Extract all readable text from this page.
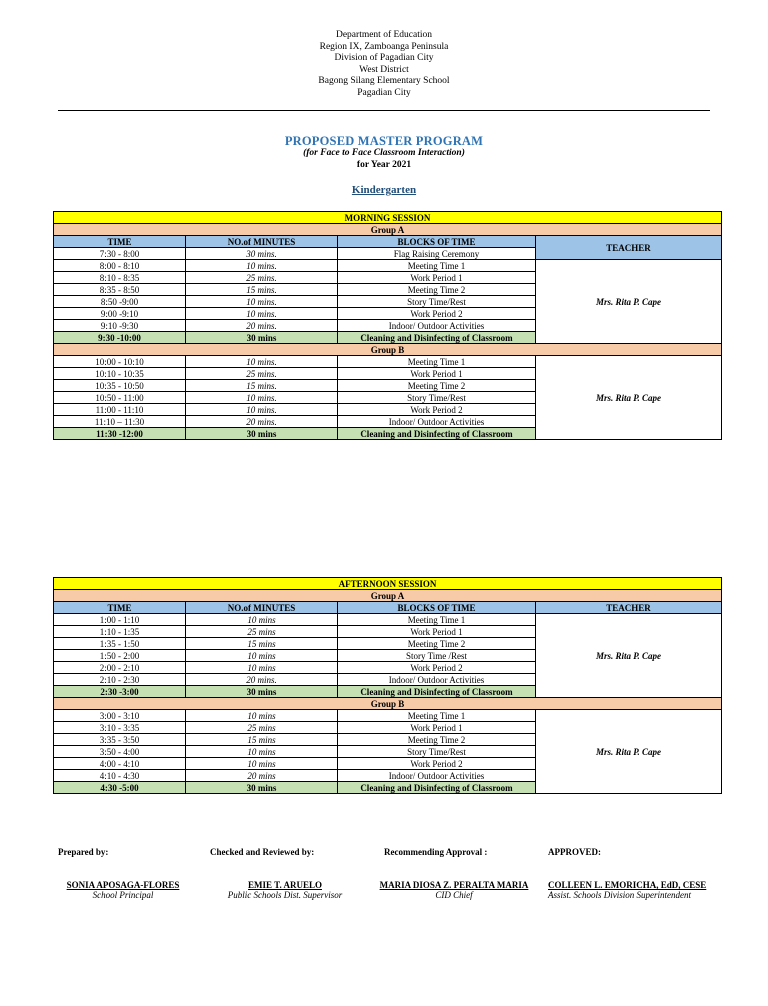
Department of Education
Region IX, Zamboanga Peninsula
Division of Pagadian City
West District
Bagong Silang Elementary School
Pagadian City
PROPOSED MASTER PROGRAM
(for Face to Face Classroom Interaction)
for Year 2021
Kindergarten
MORNING SESSION			
Group A			
TIME	NO.of MINUTES	BLOCKS OF TIME	TEACHER
7:30 - 8:00	30 mins.	Flag Raising Ceremony	
8:00 - 8:10	10 mins.	Meeting Time 1	Mrs. Rita P. Cape
8:10 - 8:35	25 mins.	Work Period 1	
8:35 - 8:50	15 mins.	Meeting Time 2	
8:50 -9:00	10 mins.	Story Time/Rest	
9:00 -9:10	10 mins.	Work Period 2	
9:10 -9:30	20 mins.	Indoor/ Outdoor Activities	
9:30 -10:00	30 mins	Cleaning and Disinfecting of Classroom	
Group B			
10:00 - 10:10	10 mins.	Meeting Time 1	Mrs. Rita P. Cape
10:10 - 10:35	25 mins.	Work Period 1	
10:35 - 10:50	15 mins.	Meeting Time 2	
10:50 - 11:00	10 mins.	Story Time/Rest	
11:00 - 11:10	10 mins.	Work Period 2	
11:10 – 11:30	20 mins.	Indoor/ Outdoor Activities	
11:30 -12:00	30 mins	Cleaning and Disinfecting of Classroom	
AFTERNOON SESSION			
Group A			
TIME	NO.of MINUTES	BLOCKS OF TIME	TEACHER
1:00 - 1:10	10 mins	Meeting Time 1	Mrs. Rita P. Cape
1:10 - 1:35	25 mins	Work Period 1	
1:35 - 1:50	15 mins	Meeting Time 2	
1:50 - 2:00	10 mins	Story Time /Rest	
2:00 - 2:10	10 mins	Work Period 2	
2:10 - 2:30	20 mins.	Indoor/ Outdoor Activities	
2:30 -3:00	30 mins	Cleaning and Disinfecting of Classroom	
Group B			
3:00 - 3:10	10 mins	Meeting Time 1	Mrs. Rita P. Cape
3:10 - 3:35	25 mins	Work Period 1	
3:35 - 3:50	15 mins	Meeting Time 2	
3:50 - 4:00	10 mins	Story Time/Rest	
4:00 - 4:10	10 mins	Work Period 2	
4:10 - 4:30	20 mins	Indoor/ Outdoor Activities	
4:30 -5:00	30 mins	Cleaning and Disinfecting of Classroom	
Prepared by:
SONIA APOSAGA-FLORES
School Principal
Checked and Reviewed by:
EMIE T. ARUELO
Public Schools Dist. Supervisor
Recommending Approval :
MARIA DIOSA Z. PERALTA MARIA
CID Chief
APPROVED:
COLLEEN L. EMORICHA, EdD, CESE
Assist. Schools Division Superintendent
